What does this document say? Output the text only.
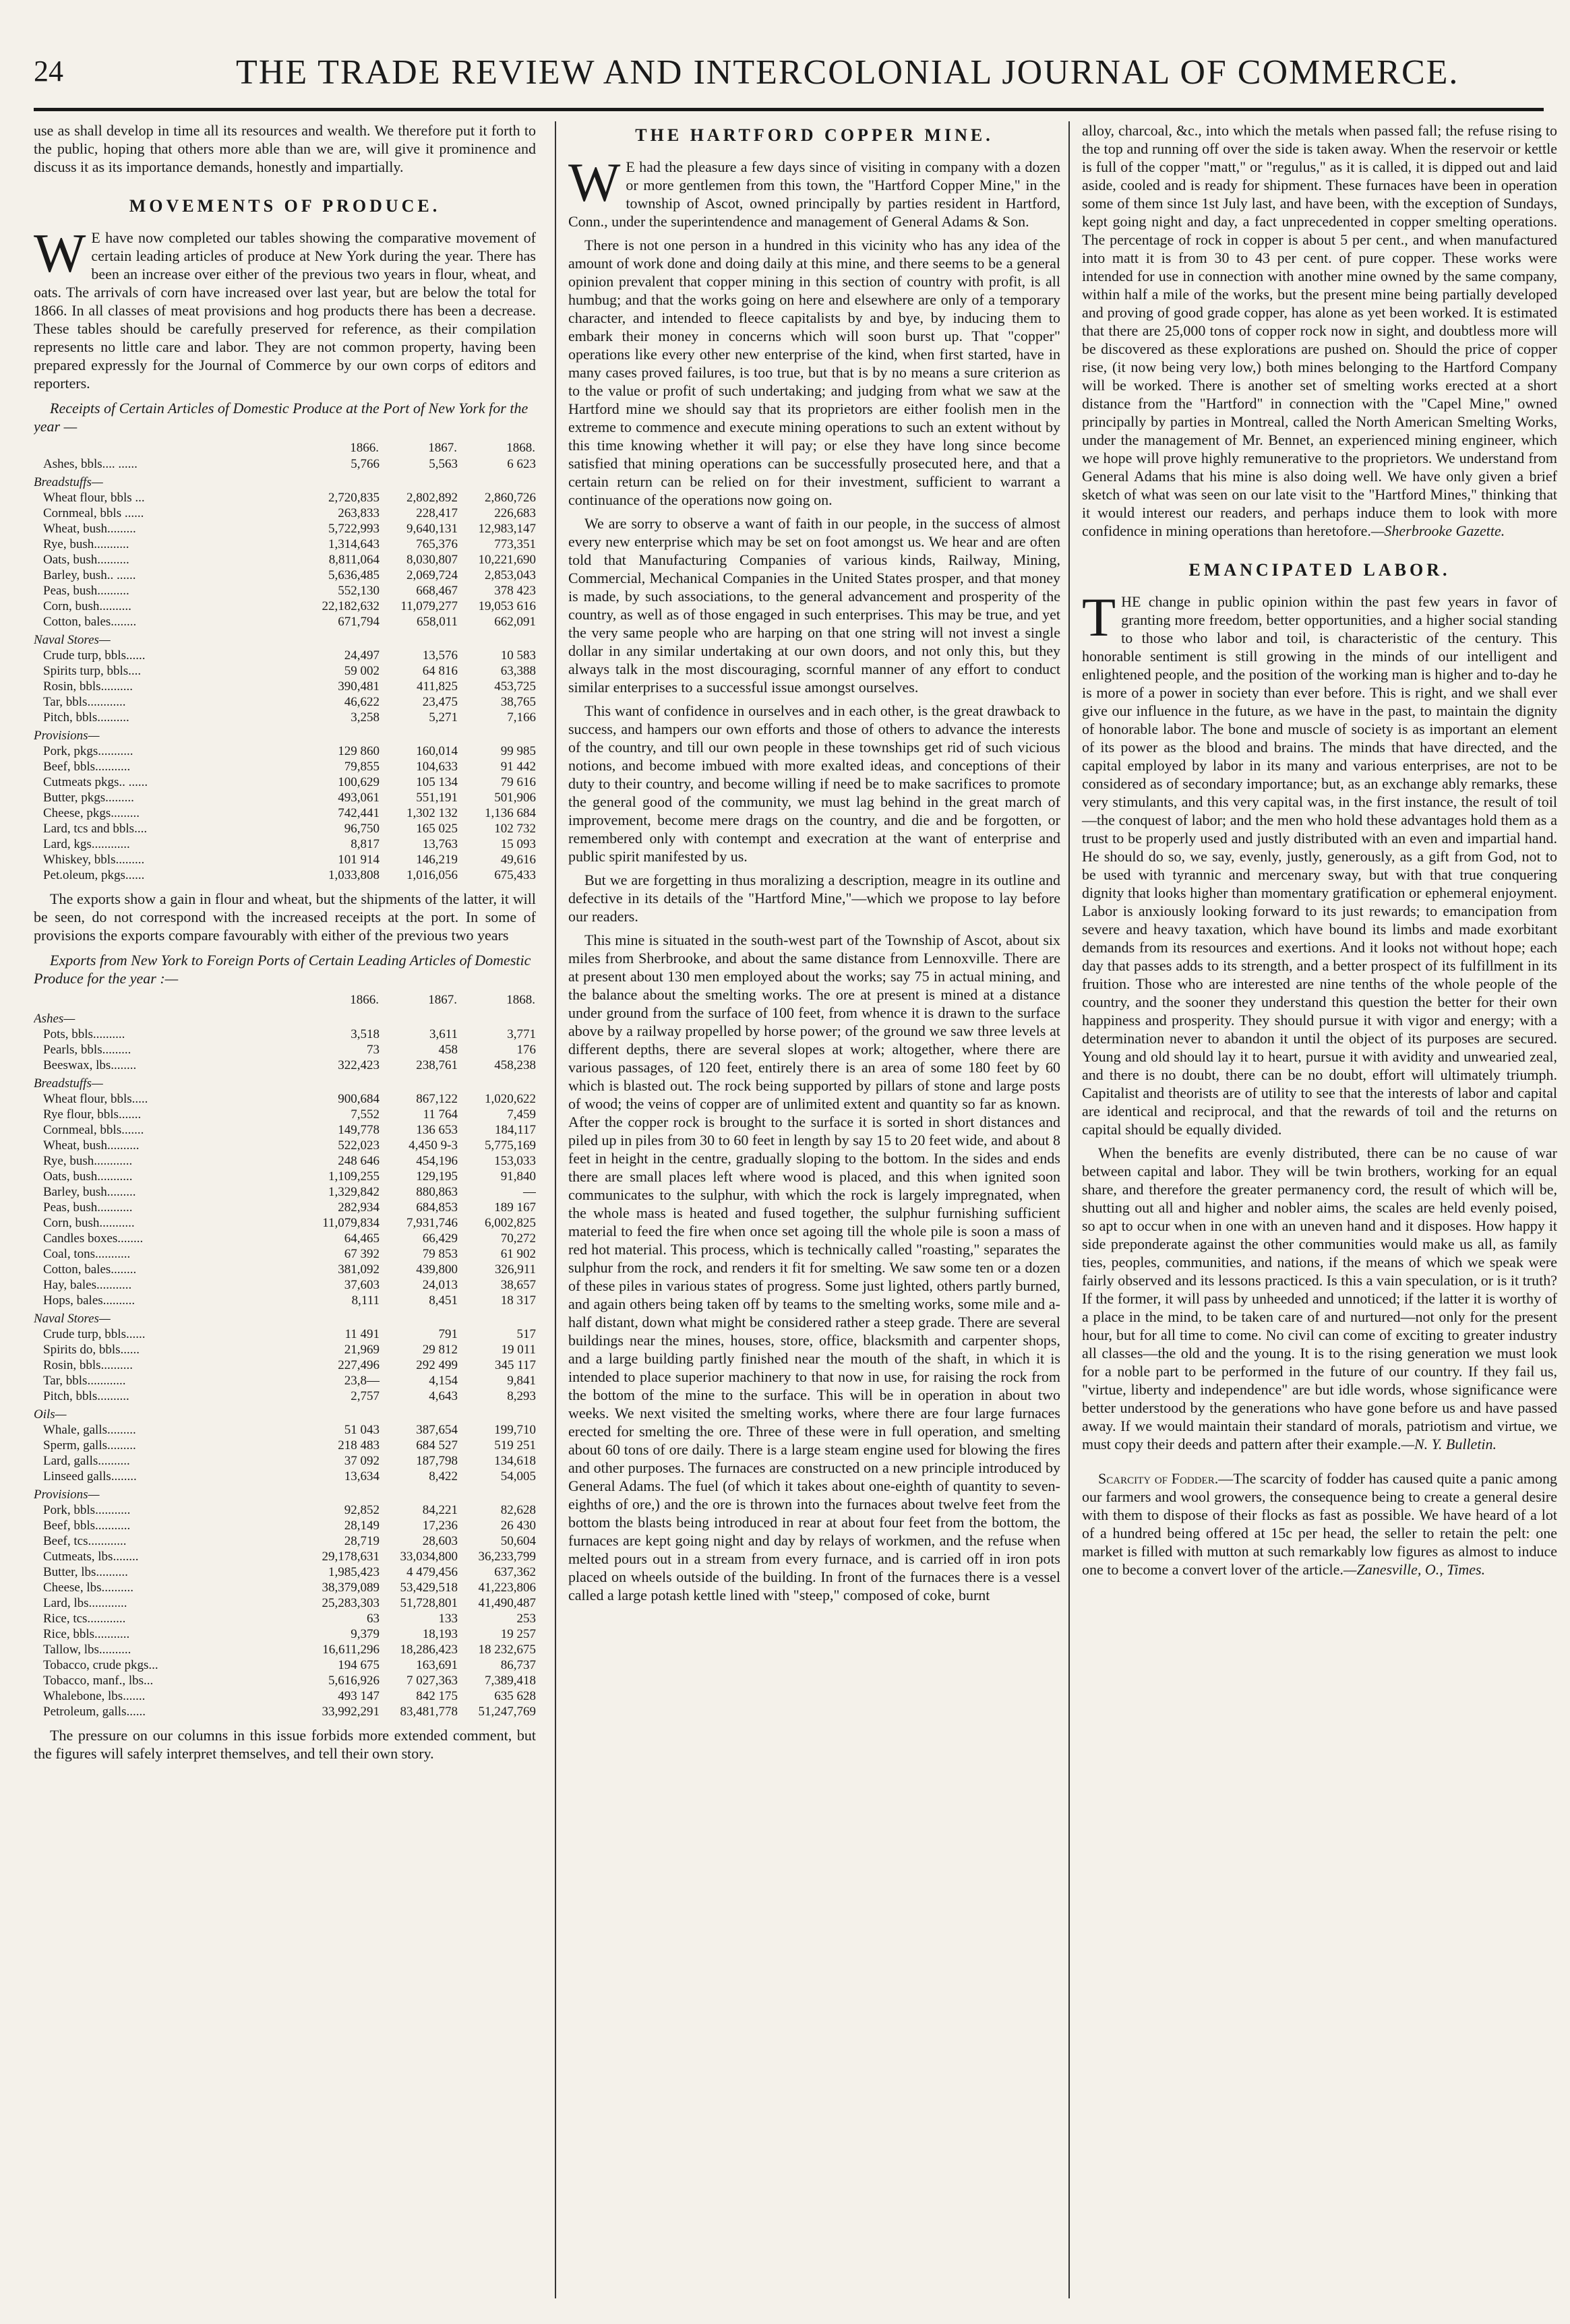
24	THE TRADE REVIEW AND INTERCOLONIAL JOURNAL OF COMMERCE.

use as shall develop in time all its resources and wealth. We therefore put it forth to the public, hoping that others more able than we are, will give it prominence and discuss it as its importance demands, honestly and impartially.

MOVEMENTS OF PRODUCE.

W E have now completed our tables showing the comparative movement of certain leading articles of produce at New York during the year. There has been an increase over either of the previous two years in flour, wheat, and oats. The arrivals of corn have increased over last year, but are below the total for 1866. In all classes of meat provisions and hog products there has been a decrease. These tables should be carefully preserved for reference, as their compilation represents no little care and labor. They are not common property, having been prepared expressly for the Journal of Commerce by our own corps of editors and reporters.

Receipts of Certain Articles of Domestic Produce at the Port of New York for the year —
	1866.	1867.	1868.
Ashes, bbls.... ......	5,766	5,563	6 623
Breadstuffs—			
Wheat flour, bbls ...	2,720,835	2,802,892	2,860,726
Cornmeal, bbls ......	263,833	228,417	226,683
Wheat, bush.........	5,722,993	9,640,131	12,983,147
Rye, bush...........	1,314,643	765,376	773,351
Oats, bush..........	8,811,064	8,030,807	10,221,690
Barley, bush.. ......	5,636,485	2,069,724	2,853,043
Peas, bush..........	552,130	668,467	378 423
Corn, bush..........	22,182,632	11,079,277	19,053 616
Cotton, bales........	671,794	658,011	662,091
Naval Stores—			
Crude turp, bbls......	24,497	13,576	10 583
Spirits turp, bbls....	59 002	64 816	63,388
Rosin, bbls..........	390,481	411,825	453,725
Tar, bbls............	46,622	23,475	38,765
Pitch, bbls..........	3,258	5,271	7,166
Provisions—			
Pork, pkgs...........	129 860	160,014	99 985
Beef, bbls...........	79,855	104,633	91 442
Cutmeats pkgs.. ......	100,629	105 134	79 616
Butter, pkgs.........	493,061	551,191	501,906
Cheese, pkgs.........	742,441	1,302 132	1,136 684
Lard, tcs and bbls....	96,750	165 025	102 732
Lard, kgs............	8,817	13,763	15 093
Whiskey, bbls.........	101 914	146,219	49,616
Pet.oleum, pkgs......	1,033,808	1,016,056	675,433

The exports show a gain in flour and wheat, but the shipments of the latter, it will be seen, do not correspond with the increased receipts at the port. In some of provisions the exports compare favourably with either of the previous two years

Exports from New York to Foreign Ports of Certain Leading Articles of Domestic Produce for the year :—
	1866.	1867.	1868.
Ashes—			
Pots, bbls..........	3,518	3,611	3,771
Pearls, bbls.........	73	458	176
Beeswax, lbs........	322,423	238,761	458,238
Breadstuffs—			
Wheat flour, bbls.....	900,684	867,122	1,020,622
Rye flour, bbls.......	7,552	11 764	7,459
Cornmeal, bbls.......	149,778	136 653	184,117
Wheat, bush..........	522,023	4,450 9-3	5,775,169
Rye, bush............	248 646	454,196	153,033
Oats, bush...........	1,109,255	129,195	91,840
Barley, bush.........	1,329,842	880,863	—
Peas, bush...........	282,934	684,853	189 167
Corn, bush...........	11,079,834	7,931,746	6,002,825
Candles boxes........	64,465	66,429	70,272
Coal, tons...........	67 392	79 853	61 902
Cotton, bales........	381,092	439,800	326,911
Hay, bales...........	37,603	24,013	38,657
Hops, bales..........	8,111	8,451	18 317
Naval Stores—			
Crude turp, bbls......	11 491	791	517
Spirits do, bbls......	21,969	29 812	19 011
Rosin, bbls..........	227,496	292 499	345 117
Tar, bbls............	23,8—	4,154	9,841
Pitch, bbls..........	2,757	4,643	8,293
Oils—			
Whale, galls.........	51 043	387,654	199,710
Sperm, galls.........	218 483	684 527	519 251
Lard, galls..........	37 092	187,798	134,618
Linseed galls........	13,634	8,422	54,005
Provisions—			
Pork, bbls...........	92,852	84,221	82,628
Beef, bbls...........	28,149	17,236	26 430
Beef, tcs............	28,719	28,603	50,604
Cutmeats, lbs........	29,178,631	33,034,800	36,233,799
Butter, lbs..........	1,985,423	4 479,456	637,362
Cheese, lbs..........	38,379,089	53,429,518	41,223,806
Lard, lbs............	25,283,303	51,728,801	41,490,487
Rice, tcs............	63	133	253
Rice, bbls...........	9,379	18,193	19 257
Tallow, lbs..........	16,611,296	18,286,423	18 232,675
Tobacco, crude pkgs...	194 675	163,691	86,737
Tobacco, manf., lbs...	5,616,926	7 027,363	7,389,418
Whalebone, lbs.......	493 147	842 175	635 628
Petroleum, galls......	33,992,291	83,481,778	51,247,769

The pressure on our columns in this issue forbids more extended comment, but the figures will safely interpret themselves, and tell their own story.

THE HARTFORD COPPER MINE.

W E had the pleasure a few days since of visiting in company with a dozen or more gentlemen from this town, the "Hartford Copper Mine," in the township of Ascot, owned principally by parties resident in Hartford, Conn., under the superintendence and management of General Adams & Son.

There is not one person in a hundred in this vicinity who has any idea of the amount of work done and doing daily at this mine, and there seems to be a general opinion prevalent that copper mining in this section of country with profit, is all humbug; and that the works going on here and elsewhere are only of a temporary character, and intended to fleece capitalists by and bye, by inducing them to embark their money in concerns which will soon burst up. That "copper" operations like every other new enterprise of the kind, when first started, have in many cases proved failures, is too true, but that is by no means a sure criterion as to the value or profit of such undertaking; and judging from what we saw at the Hartford mine we should say that its proprietors are either foolish men in the extreme to commence and execute mining operations to such an extent without by this time knowing whether it will pay; or else they have long since become satisfied that mining operations can be successfully prosecuted here, and that a certain return can be relied on for their investment, sufficient to warrant a continuance of the operations now going on.

We are sorry to observe a want of faith in our people, in the success of almost every new enterprise which may be set on foot amongst us. We hear and are often told that Manufacturing Companies of various kinds, Railway, Mining, Commercial, Mechanical Companies in the United States prosper, and that money is made, by such associations, to the general advancement and prosperity of the country, as well as of those engaged in such enterprises. This may be true, and yet the very same people who are harping on that one string will not invest a single dollar in any similar undertaking at our own doors, and not only this, but they always talk in the most discouraging, scornful manner of any effort to conduct similar enterprises to a successful issue amongst ourselves.

This want of confidence in ourselves and in each other, is the great drawback to success, and hampers our own efforts and those of others to advance the interests of the country, and till our own people in these townships get rid of such vicious notions, and become imbued with more exalted ideas, and conceptions of their duty to their country, and become willing if need be to make sacrifices to promote the general good of the community, we must lag behind in the great march of improvement, become mere drags on the country, and die and be forgotten, or remembered only with contempt and execration at the want of enterprise and public spirit manifested by us.

But we are forgetting in thus moralizing a description, meagre in its outline and defective in its details of the "Hartford Mine,"—which we propose to lay before our readers.

This mine is situated in the south-west part of the Township of Ascot, about six miles from Sherbrooke, and about the same distance from Lennoxville. There are at present about 130 men employed about the works; say 75 in actual mining, and the balance about the smelting works. The ore at present is mined at a distance under ground from the surface of 100 feet, from whence it is drawn to the surface above by a railway propelled by horse power; of the ground we saw three levels at different depths, there are several slopes at work; altogether, where there are various passages, of 120 feet, entirely there is an area of some 180 feet by 60 which is blasted out. The rock being supported by pillars of stone and large posts of wood; the veins of copper are of unlimited extent and quantity so far as known. After the copper rock is brought to the surface it is sorted in short distances and piled up in piles from 30 to 60 feet in length by say 15 to 20 feet wide, and about 8 feet in height in the centre, gradually sloping to the bottom. In the sides and ends there are small places left where wood is placed, and this when ignited soon communicates to the sulphur, with which the rock is largely impregnated, when the whole mass is heated and fused together, the sulphur furnishing sufficient material to feed the fire when once set agoing till the whole pile is soon a mass of red hot material. This process, which is technically called "roasting," separates the sulphur from the rock, and renders it fit for smelting. We saw some ten or a dozen of these piles in various states of progress. Some just lighted, others partly burned, and again others being taken off by teams to the smelting works, some mile and a-half distant, down what might be considered rather a steep grade. There are several buildings near the mines, houses, store, office, blacksmith and carpenter shops, and a large building partly finished near the mouth of the shaft, in which it is intended to place superior machinery to that now in use, for raising the rock from the bottom of the mine to the surface. This will be in operation in about two weeks. We next visited the smelting works, where there are four large furnaces erected for smelting the ore. Three of these were in full operation, and smelting about 60 tons of ore daily. There is a large steam engine used for blowing the fires and other purposes. The furnaces are constructed on a new principle introduced by General Adams. The fuel (of which it takes about one-eighth of quantity to seven-eighths of ore,) and the ore is thrown into the furnaces about twelve feet from the bottom the blasts being introduced in rear at about four feet from the bottom, the furnaces are kept going night and day by relays of workmen, and the refuse when melted pours out in a stream from every furnace, and is carried off in iron pots placed on wheels outside of the building. In front of the furnaces there is a vessel called a large potash kettle lined with "steep," composed of coke, burnt

alloy, charcoal, &c., into which the metals when passed fall; the refuse rising to the top and running off over the side is taken away. When the reservoir or kettle is full of the copper "matt," or "regulus," as it is called, it is dipped out and laid aside, cooled and is ready for shipment. These furnaces have been in operation some of them since 1st July last, and have been, with the exception of Sundays, kept going night and day, a fact unprecedented in copper smelting operations. The percentage of rock in copper is about 5 per cent., and when manufactured into matt it is from 30 to 43 per cent. of pure copper. These works were intended for use in connection with another mine owned by the same company, within half a mile of the works, but the present mine being partially developed and proving of good grade copper, has alone as yet been worked. It is estimated that there are 25,000 tons of copper rock now in sight, and doubtless more will be discovered as these explorations are pushed on. Should the price of copper rise, (it now being very low,) both mines belonging to the Hartford Company will be worked. There is another set of smelting works erected at a short distance from the "Hartford" in connection with the "Capel Mine," owned principally by parties in Montreal, called the North American Smelting Works, under the management of Mr. Bennet, an experienced mining engineer, which we hope will prove highly remunerative to the proprietors. We understand from General Adams that his mine is also doing well. We have only given a brief sketch of what was seen on our late visit to the "Hartford Mines," thinking that it would interest our readers, and perhaps induce them to look with more confidence in mining operations than heretofore.—Sherbrooke Gazette.

EMANCIPATED LABOR.

THE change in public opinion within the past few years in favor of granting more freedom, better opportunities, and a higher social standing to those who labor and toil, is characteristic of the century. This honorable sentiment is still growing in the minds of our intelligent and enlightened people, and the position of the working man is higher and to-day he is more of a power in society than ever before. This is right, and we shall ever give our influence in the future, as we have in the past, to maintain the dignity of honorable labor. The bone and muscle of society is as important an element of its power as the blood and brains. The minds that have directed, and the capital employed by labor in its many and various enterprises, are not to be considered as of secondary importance; but, as an exchange ably remarks, these very stimulants, and this very capital was, in the first instance, the result of toil—the conquest of labor; and the men who hold these advantages hold them as a trust to be properly used and justly distributed with an even and impartial hand. He should do so, we say, evenly, justly, generously, as a gift from God, not to be used with tyrannic and mercenary sway, but with that true conquering dignity that looks higher than momentary gratification or ephemeral enjoyment. Labor is anxiously looking forward to its just rewards; to emancipation from severe and heavy taxation, which have bound its limbs and made exorbitant demands from its resources and exertions. And it looks not without hope; each day that passes adds to its strength, and a better prospect of its fulfillment in its fruition. Those who are interested are nine tenths of the whole people of the country, and the sooner they understand this question the better for their own happiness and prosperity. They should pursue it with vigor and energy; with a determination never to abandon it until the object of its purposes are secured. Young and old should lay it to heart, pursue it with avidity and unwearied zeal, and there is no doubt, there can be no doubt, effort will ultimately triumph. Capitalist and theorists are of utility to see that the interests of labor and capital are identical and reciprocal, and that the rewards of toil and the returns on capital should be equally divided.

When the benefits are evenly distributed, there can be no cause of war between capital and labor. They will be twin brothers, working for an equal share, and therefore the greater permanency cord, the result of which will be, shutting out all and higher and nobler aims, the scales are held evenly poised, so apt to occur when in one with an uneven hand and it disposes. How happy it side preponderate against the other communities would make us all, as family ties, peoples, communities, and nations, if the means of which we speak were fairly observed and its lessons practiced. Is this a vain speculation, or is it truth? If the former, it will pass by unheeded and unnoticed; if the latter it is worthy of a place in the mind, to be taken care of and nurtured—not only for the present hour, but for all time to come. No civil can come of exciting to greater industry all classes—the old and the young. It is to the rising generation we must look for a noble part to be performed in the future of our country. If they fail us, "virtue, liberty and independence" are but idle words, whose significance were better understood by the generations who have gone before us and have passed away. If we would maintain their standard of morals, patriotism and virtue, we must copy their deeds and pattern after their example.—N. Y. Bulletin.

Scarcity of Fodder.—The scarcity of fodder has caused quite a panic among our farmers and wool growers, the consequence being to create a general desire with them to dispose of their flocks as fast as possible. We have heard of a lot of a hundred being offered at 15c per head, the seller to retain the pelt: one market is filled with mutton at such remarkably low figures as almost to induce one to become a convert lover of the article.—Zanesville, O., Times.
